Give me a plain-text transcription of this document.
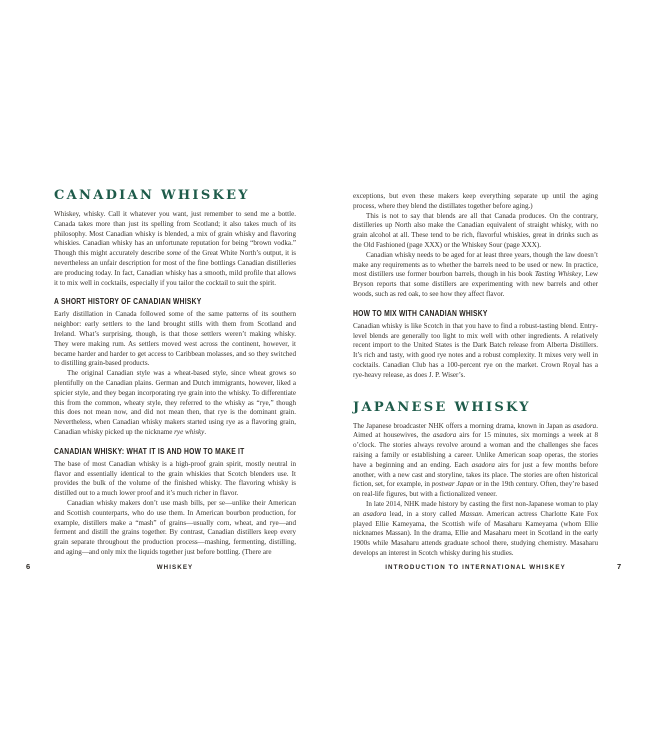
CANADIAN WHISKEY

Whiskey, whisky. Call it whatever you want, just remember to send me a bottle. Canada takes more than just its spelling from Scotland; it also takes much of its philosophy. Most Canadian whisky is blended, a mix of grain whisky and flavoring whiskies. Canadian whisky has an unfortunate reputation for being “brown vodka.” Though this might accurately describe some of the Great White North’s output, it is nevertheless an unfair description for most of the fine bottlings Canadian distilleries are producing today. In fact, Canadian whisky has a smooth, mild profile that allows it to mix well in cocktails, especially if you tailor the cocktail to suit the spirit.

A SHORT HISTORY OF CANADIAN WHISKY

Early distillation in Canada followed some of the same patterns of its southern neighbor: early settlers to the land brought stills with them from Scotland and Ireland. What’s surprising, though, is that those settlers weren’t making whisky. They were making rum. As settlers moved west across the continent, however, it became harder and harder to get access to Caribbean molasses, and so they switched to distilling grain-based products.

The original Canadian style was a wheat-based style, since wheat grows so plentifully on the Canadian plains. German and Dutch immigrants, however, liked a spicier style, and they began incorporating rye grain into the whisky. To differentiate this from the common, wheaty style, they referred to the whisky as “rye,” though this does not mean now, and did not mean then, that rye is the dominant grain. Nevertheless, when Canadian whisky makers started using rye as a flavoring grain, Canadian whisky picked up the nickname rye whisky.

CANADIAN WHISKY: WHAT IT IS AND HOW TO MAKE IT

The base of most Canadian whisky is a high-proof grain spirit, mostly neutral in flavor and essentially identical to the grain whiskies that Scotch blenders use. It provides the bulk of the volume of the finished whisky. The flavoring whisky is distilled out to a much lower proof and it’s much richer in flavor.

Canadian whisky makers don’t use mash bills, per se—unlike their American and Scottish counterparts, who do use them. In American bourbon production, for example, distillers make a “mash” of grains—usually corn, wheat, and rye—and ferment and distill the grains together. By contrast, Canadian distillers keep every grain separate throughout the production process—mashing, fermenting, distilling, and aging—and only mix the liquids together just before bottling. (There are

6	WHISKEY

exceptions, but even these makers keep everything separate up until the aging process, where they blend the distillates together before aging.)

This is not to say that blends are all that Canada produces. On the contrary, distilleries up North also make the Canadian equivalent of straight whisky, with no grain alcohol at all. These tend to be rich, flavorful whiskies, great in drinks such as the Old Fashioned (page XXX) or the Whiskey Sour (page XXX).

Canadian whisky needs to be aged for at least three years, though the law doesn’t make any requirements as to whether the barrels need to be used or new. In practice, most distillers use former bourbon barrels, though in his book Tasting Whiskey, Lew Bryson reports that some distillers are experimenting with new barrels and other woods, such as red oak, to see how they affect flavor.

HOW TO MIX WITH CANADIAN WHISKY

Canadian whisky is like Scotch in that you have to find a robust-tasting blend. Entry-level blends are generally too light to mix well with other ingredients. A relatively recent import to the United States is the Dark Batch release from Alberta Distillers. It’s rich and tasty, with good rye notes and a robust complexity. It mixes very well in cocktails. Canadian Club has a 100-percent rye on the market. Crown Royal has a rye-heavy release, as does J. P. Wiser’s.

JAPANESE WHISKY

The Japanese broadcaster NHK offers a morning drama, known in Japan as asadora. Aimed at housewives, the asadora airs for 15 minutes, six mornings a week at 8 o’clock. The stories always revolve around a woman and the challenges she faces raising a family or establishing a career. Unlike American soap operas, the stories have a beginning and an ending. Each asadora airs for just a few months before another, with a new cast and storyline, takes its place. The stories are often historical fiction, set, for example, in postwar Japan or in the 19th century. Often, they’re based on real-life figures, but with a fictionalized veneer.

In late 2014, NHK made history by casting the first non-Japanese woman to play an asadora lead, in a story called Massan. American actress Charlotte Kate Fox played Ellie Kameyama, the Scottish wife of Masaharu Kameyama (whom Ellie nicknames Massan). In the drama, Ellie and Masaharu meet in Scotland in the early 1900s while Masaharu attends graduate school there, studying chemistry. Masaharu develops an interest in Scotch whisky during his studies.

7
INTRODUCTION TO INTERNATIONAL WHISKEY
